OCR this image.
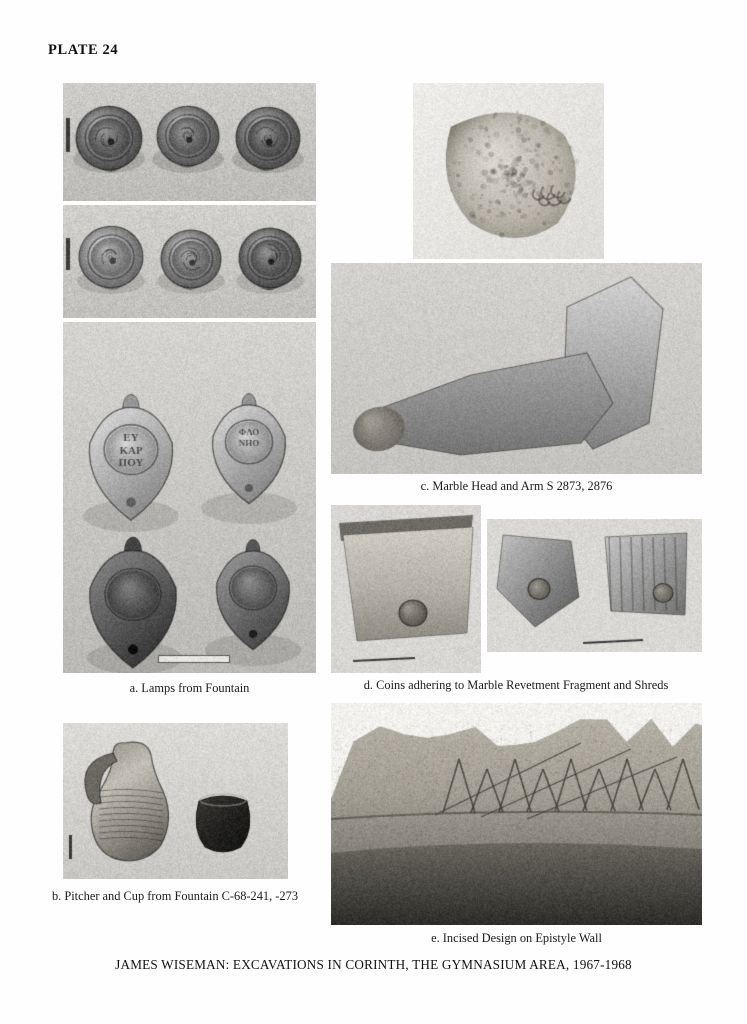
PLATE 24
a. Lamps from Fountain
c. Marble Head and Arm S 2873, 2876
d. Coins adhering to Marble Revetment Fragment and Shreds
b. Pitcher and Cup from Fountain C-68-241, -273
e. Incised Design on Epistyle Wall
JAMES WISEMAN: EXCAVATIONS IN CORINTH, THE GYMNASIUM AREA, 1967-1968
